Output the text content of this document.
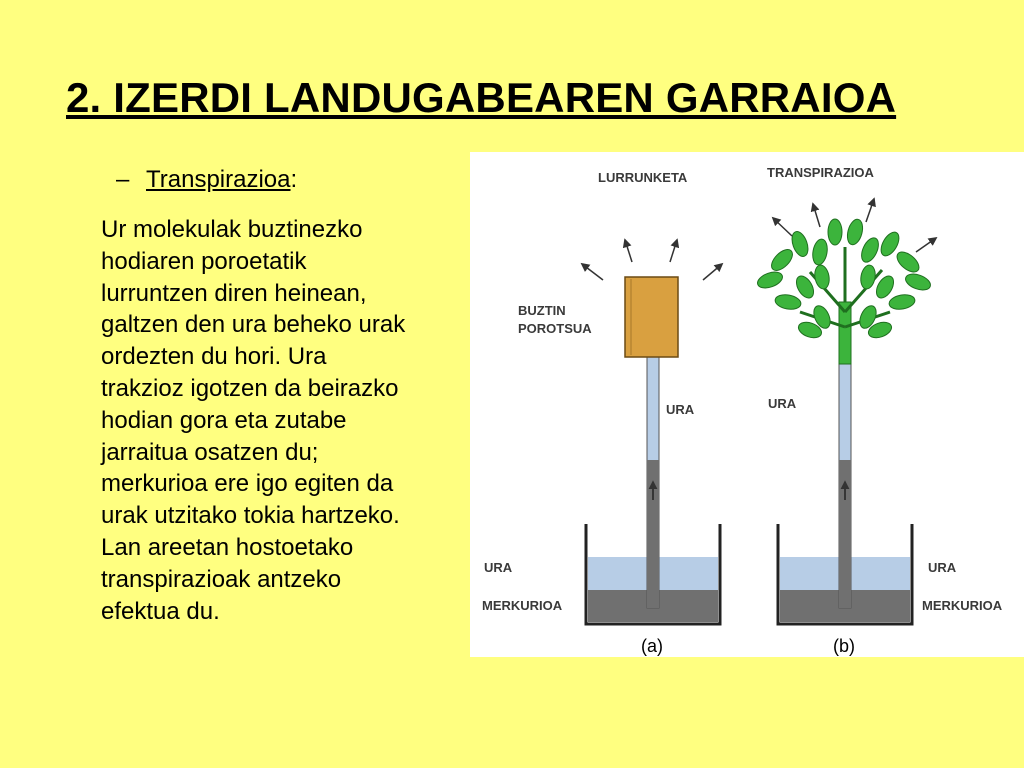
2. IZERDI LANDUGABEAREN GARRAIOA
– Transpirazioa:
Ur molekulak buztinezko
hodiaren poroetatik
lurruntzen diren heinean,
galtzen den ura beheko urak
ordezten du hori. Ura
trakzioz igotzen da beirazko
hodian gora eta zutabe
jarraitua osatzen du;
merkurioa ere igo egiten da
urak utzitako tokia hartzeko.
Lan areetan hostoetako
transpirazioak antzeko
efektua du.
LURRUNKETA
BUZTIN
POROTSUA
URA
URA
MERKURIOA
(a)
TRANSPIRAZIOA
URA
URA
MERKURIOA
(b)
